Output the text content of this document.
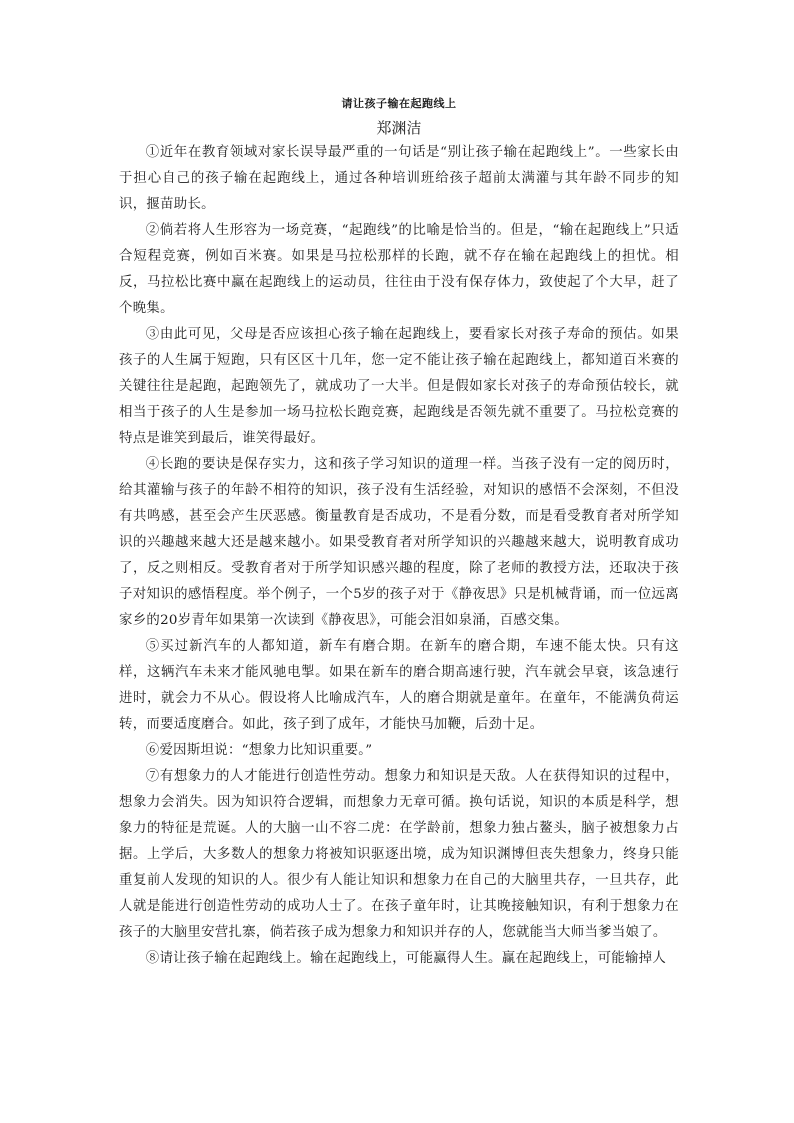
请让孩子输在起跑线上
郑渊洁

①近年在教育领域对家长误导最严重的一句话是“别让孩子输在起跑线上”。一些家长由于担心自己的孩子输在起跑线上，通过各种培训班给孩子超前太满灌与其年龄不同步的知识，揠苗助长。

②倘若将人生形容为一场竞赛，“起跑线”的比喻是恰当的。但是，“输在起跑线上”只适合短程竞赛，例如百米赛。如果是马拉松那样的长跑，就不存在输在起跑线上的担忧。相反，马拉松比赛中赢在起跑线上的运动员，往往由于没有保存体力，致使起了个大早，赶了个晚集。

③由此可见，父母是否应该担心孩子输在起跑线上，要看家长对孩子寿命的预估。如果孩子的人生属于短跑，只有区区十几年，您一定不能让孩子输在起跑线上，都知道百米赛的关键往往是起跑，起跑领先了，就成功了一大半。但是假如家长对孩子的寿命预估较长，就相当于孩子的人生是参加一场马拉松长跑竞赛，起跑线是否领先就不重要了。马拉松竞赛的特点是谁笑到最后，谁笑得最好。

④长跑的要诀是保存实力，这和孩子学习知识的道理一样。当孩子没有一定的阅历时，给其灌输与孩子的年龄不相符的知识，孩子没有生活经验，对知识的感悟不会深刻，不但没有共鸣感，甚至会产生厌恶感。衡量教育是否成功，不是看分数，而是看受教育者对所学知识的兴趣越来越大还是越来越小。如果受教育者对所学知识的兴趣越来越大，说明教育成功了，反之则相反。受教育者对于所学知识感兴趣的程度，除了老师的教授方法，还取决于孩子对知识的感悟程度。举个例子，一个5岁的孩子对于《静夜思》只是机械背诵，而一位远离家乡的20岁青年如果第一次读到《静夜思》，可能会泪如泉涌，百感交集。

⑤买过新汽车的人都知道，新车有磨合期。在新车的磨合期，车速不能太快。只有这样，这辆汽车未来才能风驰电掣。如果在新车的磨合期高速行驶，汽车就会早衰，该急速行进时，就会力不从心。假设将人比喻成汽车，人的磨合期就是童年。在童年，不能满负荷运转，而要适度磨合。如此，孩子到了成年，才能快马加鞭，后劲十足。

⑥爱因斯坦说：“想象力比知识重要。”

⑦有想象力的人才能进行创造性劳动。想象力和知识是天敌。人在获得知识的过程中，想象力会消失。因为知识符合逻辑，而想象力无章可循。换句话说，知识的本质是科学，想象力的特征是荒诞。人的大脑一山不容二虎：在学龄前，想象力独占鳌头，脑子被想象力占据。上学后，大多数人的想象力将被知识驱逐出境，成为知识渊博但丧失想象力，终身只能重复前人发现的知识的人。很少有人能让知识和想象力在自己的大脑里共存，一旦共存，此人就是能进行创造性劳动的成功人士了。在孩子童年时，让其晚接触知识，有利于想象力在孩子的大脑里安营扎寨，倘若孩子成为想象力和知识并存的人，您就能当大师当爹当娘了。

⑧请让孩子输在起跑线上。输在起跑线上，可能赢得人生。赢在起跑线上，可能输掉人
